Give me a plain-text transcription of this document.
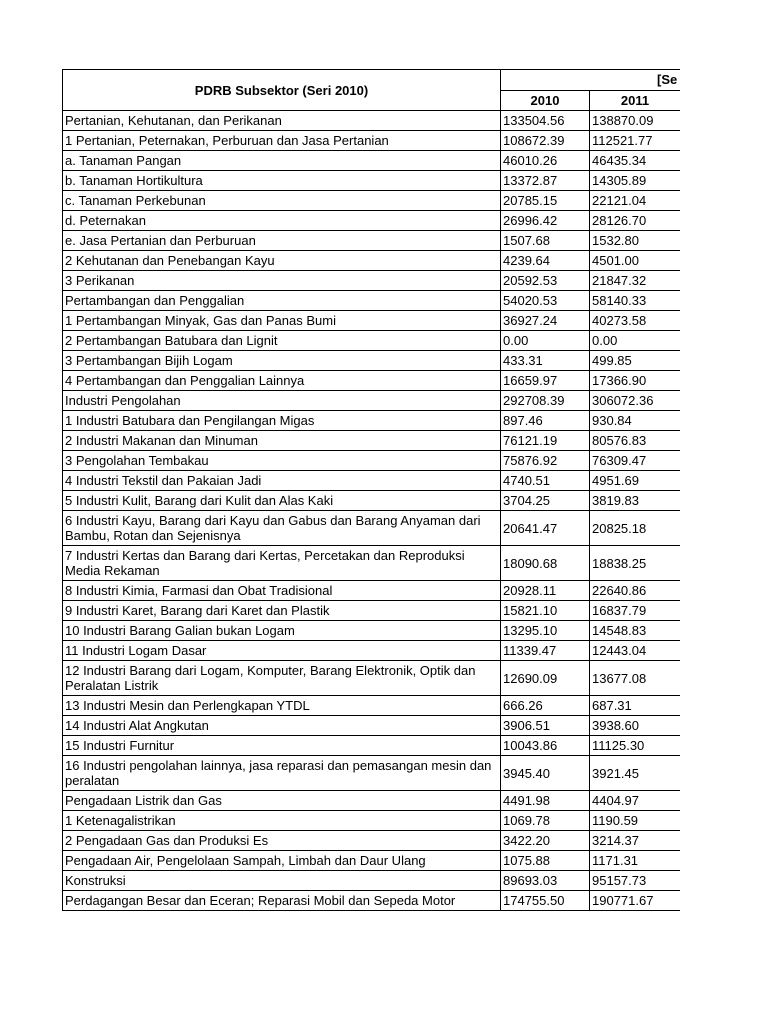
PDRB Subsektor (Seri 2010)	[Se		
	2010	2011	
Pertanian, Kehutanan, dan Perikanan	133504.56	138870.09	
1 Pertanian, Peternakan, Perburuan dan Jasa Pertanian	108672.39	112521.77	
a. Tanaman Pangan	46010.26	46435.34	
b. Tanaman Hortikultura	13372.87	14305.89	
c. Tanaman Perkebunan	20785.15	22121.04	
d. Peternakan	26996.42	28126.70	
e. Jasa Pertanian dan Perburuan	1507.68	1532.80	
2 Kehutanan dan Penebangan Kayu	4239.64	4501.00	
3 Perikanan	20592.53	21847.32	
Pertambangan dan Penggalian	54020.53	58140.33	
1 Pertambangan Minyak, Gas dan Panas Bumi	36927.24	40273.58	
2 Pertambangan Batubara dan Lignit	0.00	0.00	
3 Pertambangan Bijih Logam	433.31	499.85	
4 Pertambangan dan Penggalian Lainnya	16659.97	17366.90	
Industri Pengolahan	292708.39	306072.36	
1 Industri Batubara dan Pengilangan Migas	897.46	930.84	
2 Industri Makanan dan Minuman	76121.19	80576.83	
3 Pengolahan Tembakau	75876.92	76309.47	
4 Industri Tekstil dan Pakaian Jadi	4740.51	4951.69	
5 Industri Kulit, Barang dari Kulit dan Alas Kaki	3704.25	3819.83	
6 Industri Kayu, Barang dari Kayu dan Gabus dan Barang Anyaman dari Bambu, Rotan dan Sejenisnya	20641.47	20825.18	
7 Industri Kertas dan Barang dari Kertas, Percetakan dan Reproduksi Media Rekaman	18090.68	18838.25	
8 Industri Kimia, Farmasi dan Obat Tradisional	20928.11	22640.86	
9 Industri Karet, Barang dari Karet dan Plastik	15821.10	16837.79	
10 Industri Barang Galian bukan Logam	13295.10	14548.83	
11 Industri Logam Dasar	11339.47	12443.04	
12 Industri Barang dari Logam, Komputer, Barang Elektronik, Optik dan Peralatan Listrik	12690.09	13677.08	
13 Industri Mesin dan Perlengkapan YTDL	666.26	687.31	
14 Industri Alat Angkutan	3906.51	3938.60	
15 Industri Furnitur	10043.86	11125.30	
16 Industri pengolahan lainnya, jasa reparasi dan pemasangan mesin dan peralatan	3945.40	3921.45	
Pengadaan Listrik dan Gas	4491.98	4404.97	
1 Ketenagalistrikan	1069.78	1190.59	
2 Pengadaan Gas dan Produksi Es	3422.20	3214.37	
Pengadaan Air, Pengelolaan Sampah, Limbah dan Daur Ulang	1075.88	1171.31	
Konstruksi	89693.03	95157.73	
Perdagangan Besar dan Eceran; Reparasi Mobil dan Sepeda Motor	174755.50	190771.67	
